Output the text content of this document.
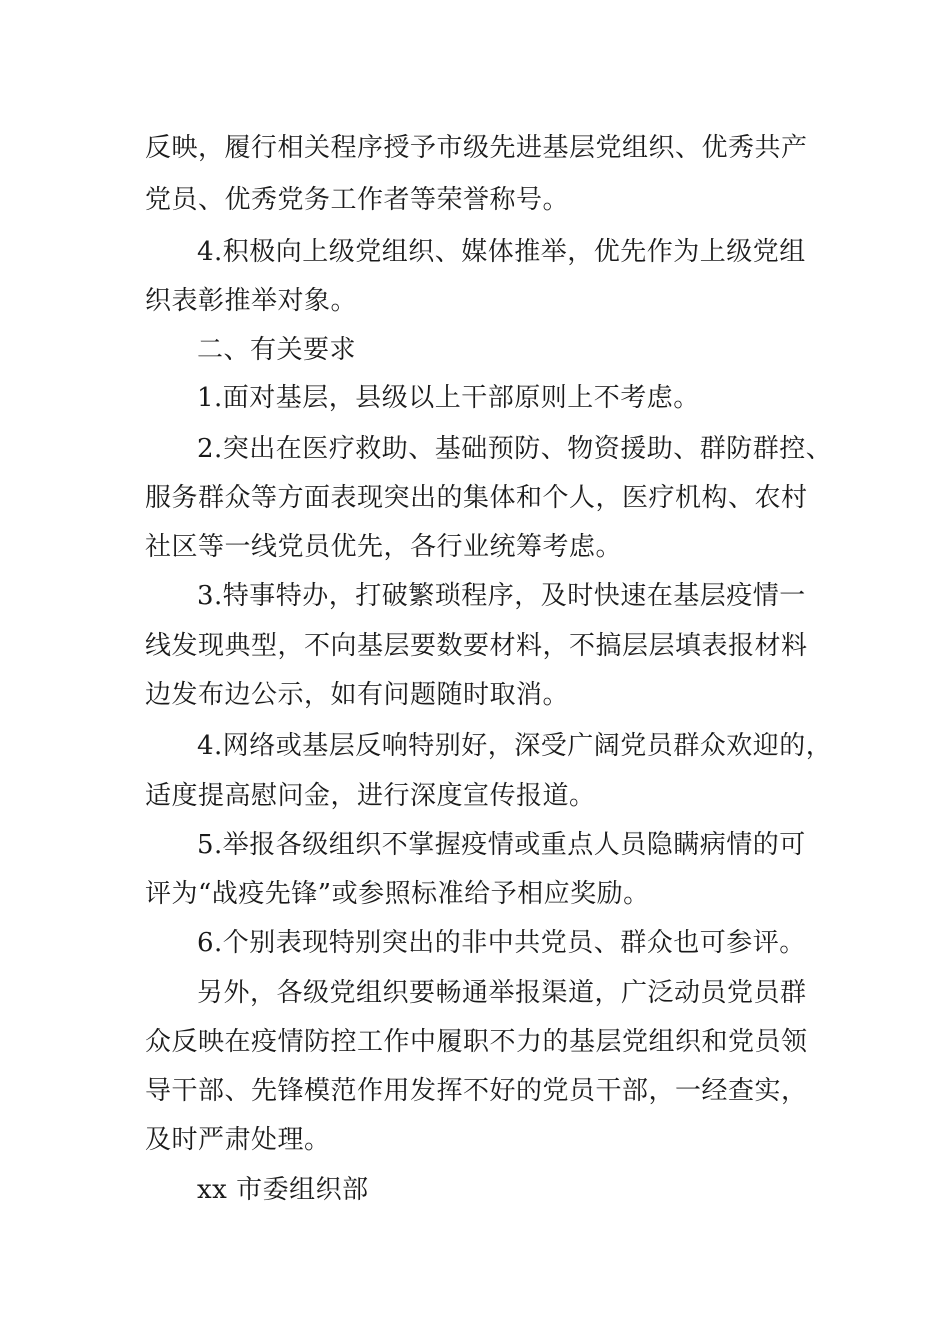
反映，履行相关程序授予市级先进基层党组织、优秀共产
党员、优秀党务工作者等荣誉称号。
4.积极向上级党组织、媒体推举，优先作为上级党组
织表彰推举对象。
二、有关要求
1.面对基层，县级以上干部原则上不考虑。
2.突出在医疗救助、基础预防、物资援助、群防群控、
服务群众等方面表现突出的集体和个人，医疗机构、农村
社区等一线党员优先，各行业统筹考虑。
3.特事特办，打破繁琐程序，及时快速在基层疫情一
线发现典型，不向基层要数要材料，不搞层层填表报材料
边发布边公示，如有问题随时取消。
4.网络或基层反响特别好，深受广阔党员群众欢迎的，
适度提高慰问金，进行深度宣传报道。
5.举报各级组织不掌握疫情或重点人员隐瞒病情的可
评为“战疫先锋”或参照标准给予相应奖励。
6.个别表现特别突出的非中共党员、群众也可参评。
另外，各级党组织要畅通举报渠道，广泛动员党员群
众反映在疫情防控工作中履职不力的基层党组织和党员领
导干部、先锋模范作用发挥不好的党员干部，一经查实，
及时严肃处理。
xx 市委组织部
